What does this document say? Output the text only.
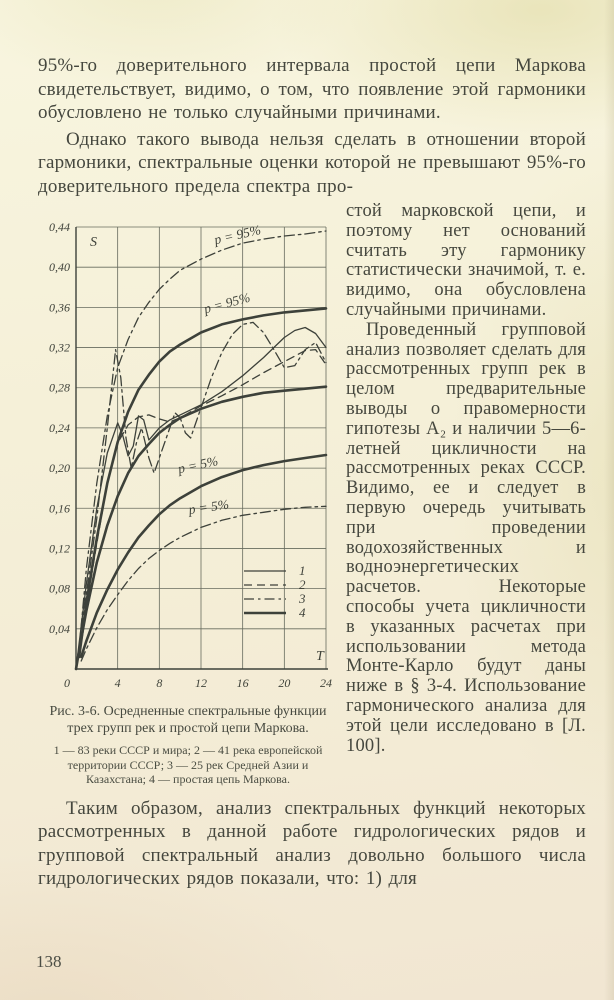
95%-го доверительного интервала простой цепи Маркова свидетельствует, видимо, о том, что появление этой гармоники обусловлено не только случайными причинами.

Однако такого вывода нельзя сделать в отношении второй гармоники, спектральные оценки которой не превышают 95%-го доверительного предела спектра про-

0,04
0,08
0,12
0,16
0,20
0,24
0,28
0,32
0,36
0,40
0,44
0	4	8	12 16 20 24
S
T
p = 95%
p = 95%
p = 5%
p = 5%
1
2
3
4
Рис. 3-6. Осредненные спектральные функции трех групп рек и простой цепи Маркова.
1 — 83 реки СССР и мира; 2 — 41 река европейской территории СССР; 3 — 25 рек Средней Азии и Казахстана; 4 — простая цепь Маркова.

стой марковской цепи, и поэтому нет оснований считать эту гармонику статистически значимой, т. е. видимо, она обусловлена случайными причинами.

Проведенный групповой анализ позволяет сделать для рассмотренных групп рек в целом предварительные выводы о правомерности гипотезы A₂ и наличии 5—6-летней цикличности на рассмотренных реках СССР. Видимо, ее и следует в первую очередь учитывать при проведении водохозяйственных и водноэнергетических расчетов. Некоторые способы учета цикличности в указанных расчетах при использовании метода Монте-Карло будут даны ниже в § 3-4. Использование гармонического анализа для этой цели исследовано в [Л. 100].

Таким образом, анализ спектральных функций некоторых рассмотренных в данной работе гидрологических рядов и групповой спектральный анализ довольно большого числа гидрологических рядов показали, что: 1) для

138
